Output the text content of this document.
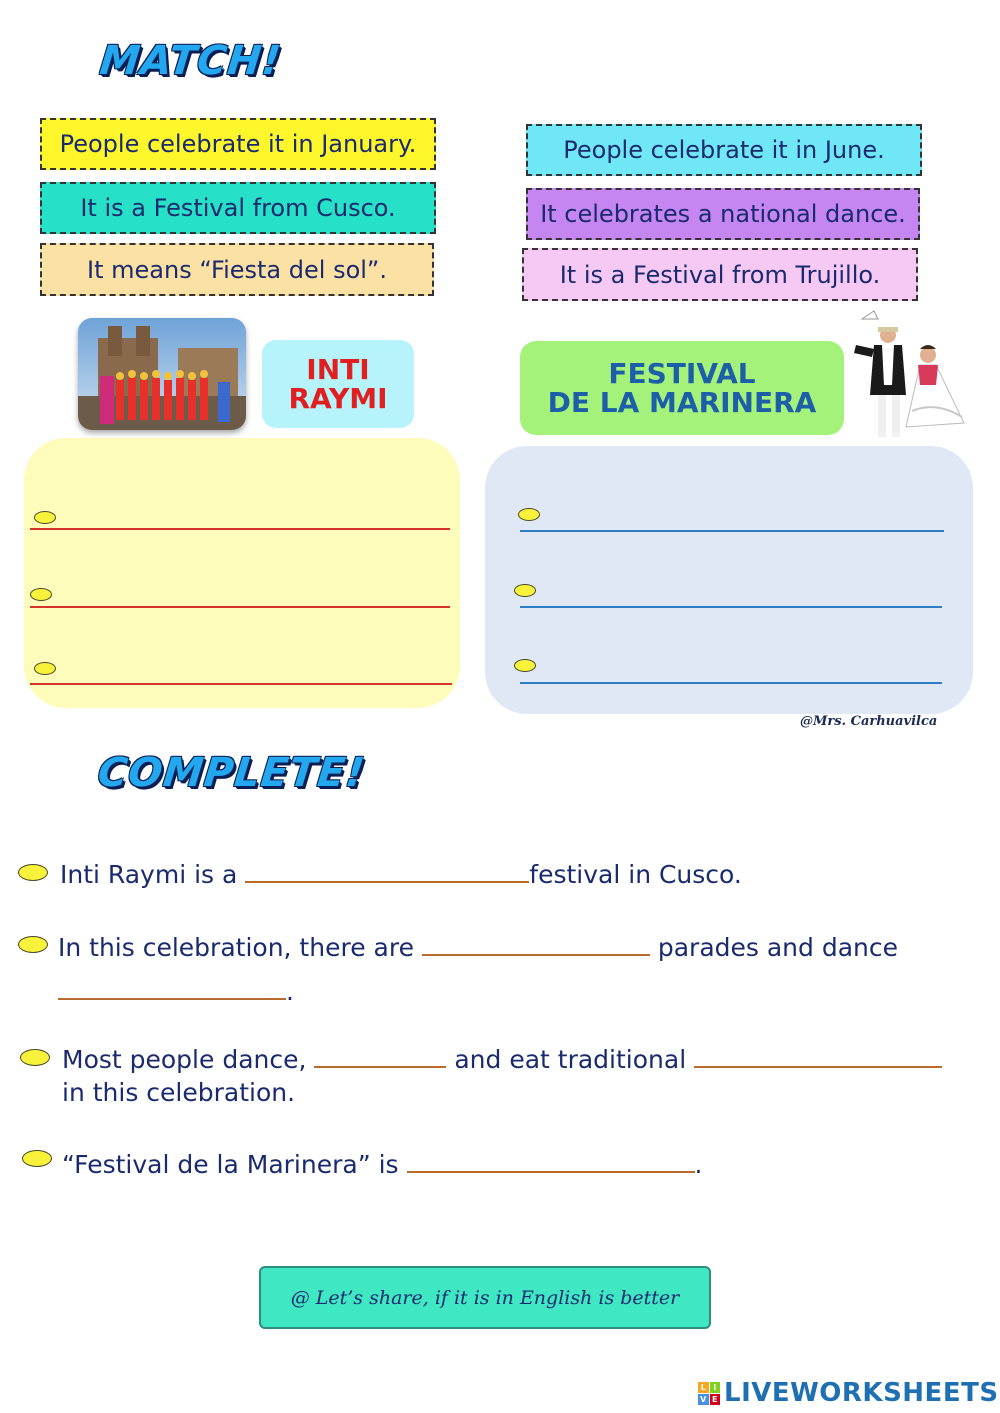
MATCH!
People celebrate it in January.
It is a Festival from Cusco.
It means “Fiesta del sol”.
People celebrate it in June.
It celebrates a national dance.
It is a Festival from Trujillo.
INTI
RAYMI
FESTIVAL
DE LA MARINERA
@Mrs. Carhuavilca
COMPLETE!
Inti Raymi is a	festival in Cusco.
In this celebration, there are	parades and dance
.
Most people dance,	and eat traditional
in this celebration.
“Festival de la Marinera” is	.
@ Let’s share, if it is in English is better
L I
V E LIVEWORKSHEETS
